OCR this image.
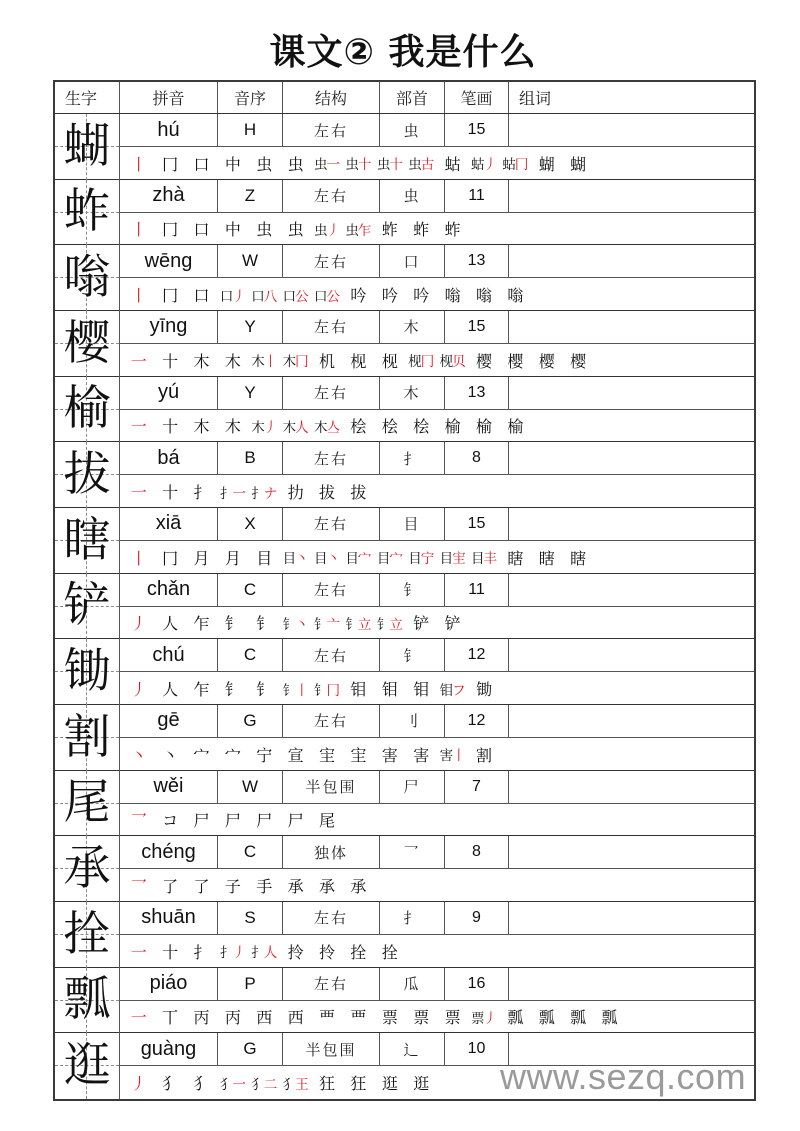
课文② 我是什么
生字	拼音	音序	结构	部首	笔画	组词
蝴	hú	H	左右	虫	15
丨 冂 口 中 虫 虫 虫 一 虫 十 虫 十 虫 古 蛄 蛄 丿 蛄 冂 蝴 蝴
蚱	zhà	Z	左右	虫	11
丨 冂 口 中 虫 虫 虫 丿 虫 乍 蚱 蚱 蚱
嗡	wēng	W	左右	口	13
丨 冂 口 口 丿 口 八 口 公 口 公 吟 吟 吟 嗡 嗡 嗡
樱	yīng	Y	左右	木	15
一 十 木 木 木 丨 木 冂 机 枧 枧 枧 冂 枧 贝 樱 樱 樱 樱
榆	yú	Y	左右	木	13
一 十 木 木 木 丿 木 人 木 亼 桧 桧 桧 榆 榆 榆
拔	bá	B	左右	扌	8
一 十 扌 扌 一 扌 ナ 扐 拔 拔
瞎	xiā	X	左右	目	15
丨 冂 月 月 目 目 丶 目 丶 目 宀 目 宀 目 宁 目 宔 目 丰 瞎 瞎 瞎
铲	chǎn	C	左右	钅	11
丿 人 乍 钅 钅 钅 丶 钅 亠 钅 立 钅 立 铲 铲
锄	chú	C	左右	钅	12
丿 人 乍 钅 钅 钅 丨 钅 冂 钼 钼 钼 钼 フ 锄
割	gē	G	左右	刂	12
丶 丶 宀 宀 宁 宣 宔 宔 害 害 害 丨 割
尾	wěi	W	半包围	尸	7
乛 コ 尸 尸 尸 尸 尾
承	chéng	C	独体	乛	8
乛 了 了 子 手 承 承 承
拴	shuān	S	左右	扌	9
一 十 扌 扌 丿 扌 人 拎 拎 拴 拴
瓢	piáo	P	左右	瓜	16
一 丅 丙 丙 西 西 覀 覀 票 票 票 票 丿 瓢 瓢 瓢 瓢
逛	guàng	G	半包围	辶	10
丿 犭 犭 犭 一 犭 二 犭 王 狂 狂 逛 逛 www.sezq.com
